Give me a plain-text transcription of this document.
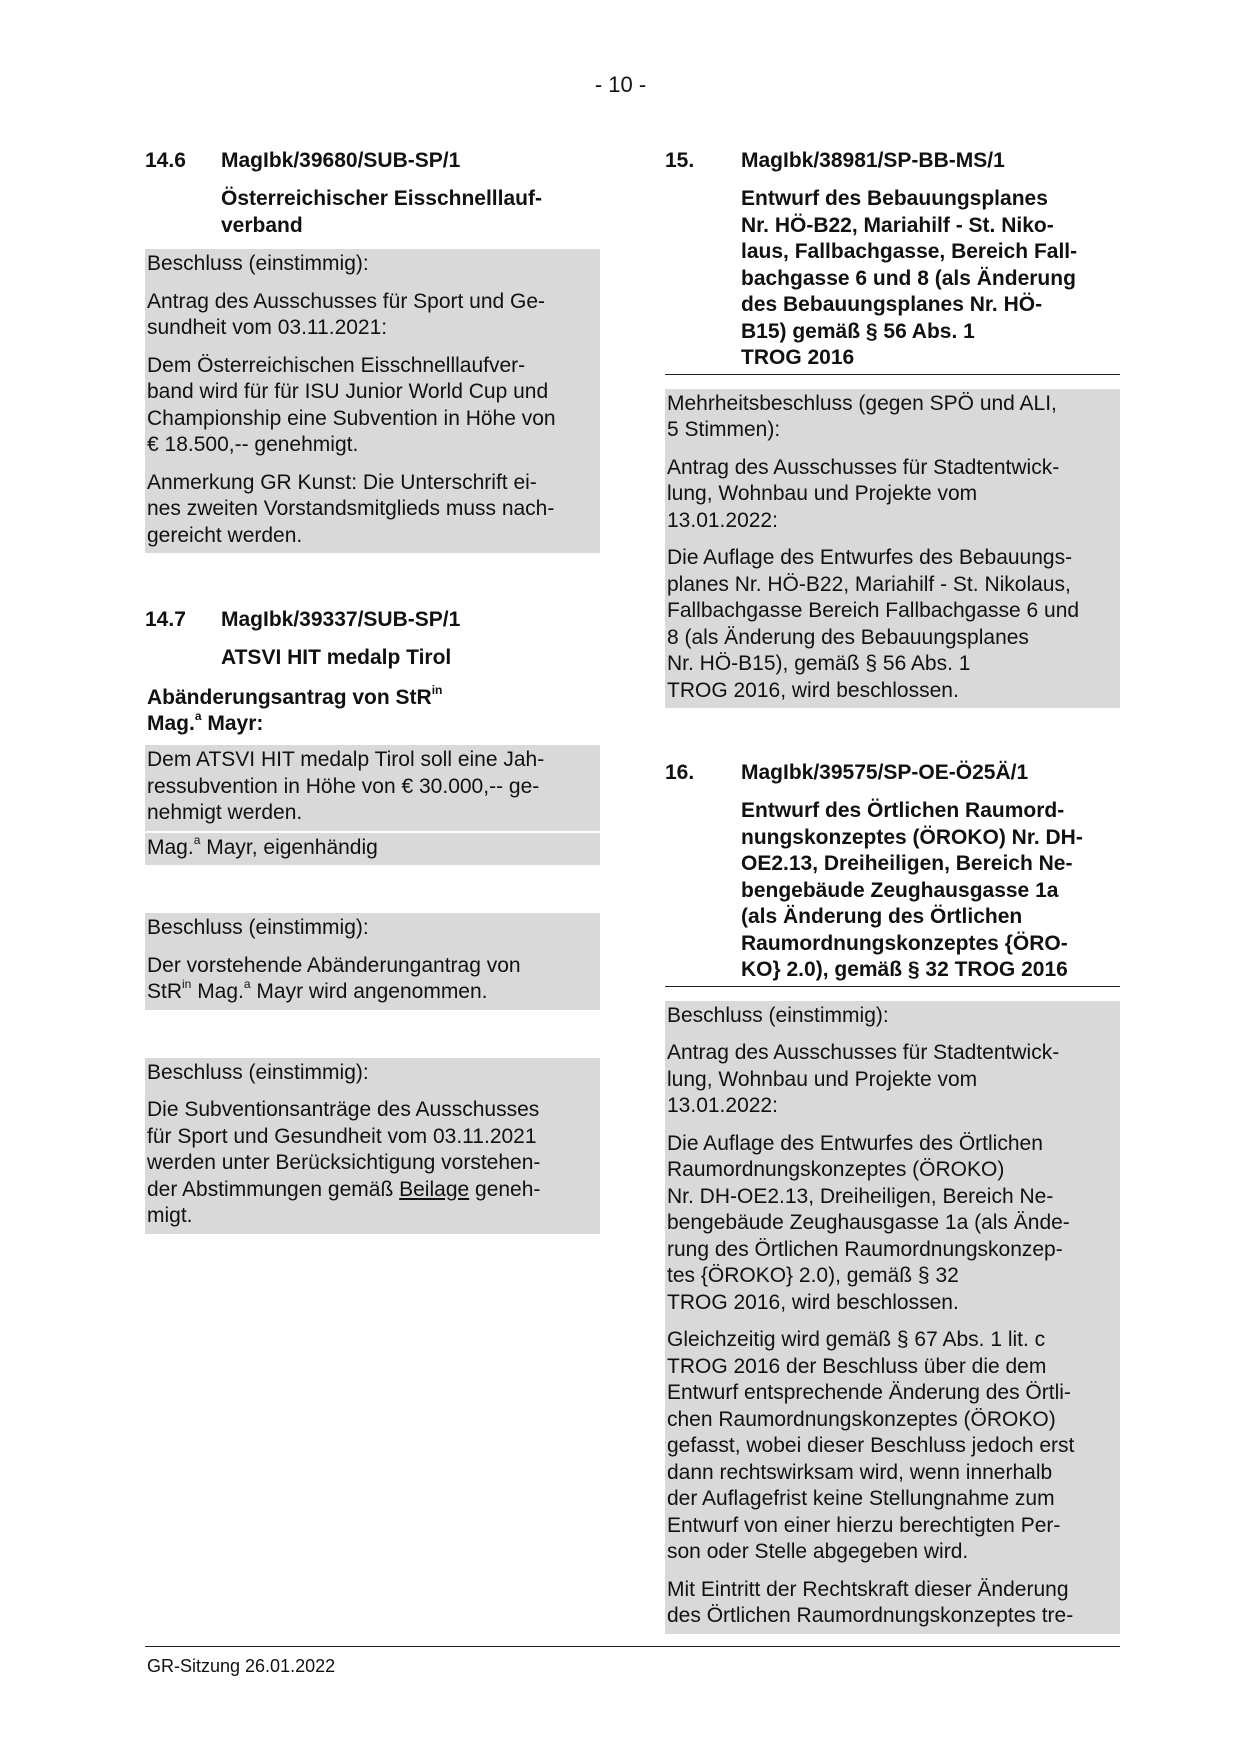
- 10 -
14.6	MagIbk/39680/SUB-SP/1
Österreichischer Eisschnelllauf-
verband

Beschluss (einstimmig):

Antrag des Ausschusses für Sport und Ge-
sundheit vom 03.11.2021:

Dem Österreichischen Eisschnelllaufver-
band wird für für ISU Junior World Cup und
Championship eine Subvention in Höhe von
€ 18.500,-- genehmigt.

Anmerkung GR Kunst: Die Unterschrift ei-
nes zweiten Vorstandsmitglieds muss nach-
gereicht werden.

14.7	MagIbk/39337/SUB-SP/1
ATSVI HIT medalp Tirol
Abänderungsantrag von StR$^{in}$
Mag.$^a$ Mayr:

Dem ATSVI HIT medalp Tirol soll eine Jah-
ressubvention in Höhe von € 30.000,-- ge-
nehmigt werden.

Mag.$^a$ Mayr, eigenhändig

Beschluss (einstimmig):

Der vorstehende Abänderungantrag von
StR$^{in}$ Mag.$^a$ Mayr wird angenommen.

Beschluss (einstimmig):

Die Subventionsanträge des Ausschusses
für Sport und Gesundheit vom 03.11.2021
werden unter Berücksichtigung vorstehen-
der Abstimmungen gemäß Beilage geneh-
migt.

15.	MagIbk/38981/SP-BB-MS/1
Entwurf des Bebauungsplanes
Nr. HÖ-B22, Mariahilf - St. Niko-
laus, Fallbachgasse, Bereich Fall-
bachgasse 6 und 8 (als Änderung
des Bebauungsplanes Nr. HÖ-
B15) gemäß § 56 Abs. 1
TROG 2016

Mehrheitsbeschluss (gegen SPÖ und ALI,
5 Stimmen):

Antrag des Ausschusses für Stadtentwick-
lung, Wohnbau und Projekte vom
13.01.2022:

Die Auflage des Entwurfes des Bebauungs-
planes Nr. HÖ-B22, Mariahilf - St. Nikolaus,
Fallbachgasse Bereich Fallbachgasse 6 und
8 (als Änderung des Bebauungsplanes
Nr. HÖ-B15), gemäß § 56 Abs. 1
TROG 2016, wird beschlossen.

16.	MagIbk/39575/SP-OE-Ö25Ä/1
Entwurf des Örtlichen Raumord-
nungskonzeptes (ÖROKO) Nr. DH-
OE2.13, Dreiheiligen, Bereich Ne-
bengebäude Zeughausgasse 1a
(als Änderung des Örtlichen
Raumordnungskonzeptes {ÖRO-
KO} 2.0), gemäß § 32 TROG 2016

Beschluss (einstimmig):

Antrag des Ausschusses für Stadtentwick-
lung, Wohnbau und Projekte vom
13.01.2022:

Die Auflage des Entwurfes des Örtlichen
Raumordnungskonzeptes (ÖROKO)
Nr. DH-OE2.13, Dreiheiligen, Bereich Ne-
bengebäude Zeughausgasse 1a (als Ände-
rung des Örtlichen Raumordnungskonzep-
tes {ÖROKO} 2.0), gemäß § 32
TROG 2016, wird beschlossen.

Gleichzeitig wird gemäß § 67 Abs. 1 lit. c
TROG 2016 der Beschluss über die dem
Entwurf entsprechende Änderung des Örtli-
chen Raumordnungskonzeptes (ÖROKO)
gefasst, wobei dieser Beschluss jedoch erst
dann rechtswirksam wird, wenn innerhalb
der Auflagefrist keine Stellungnahme zum
Entwurf von einer hierzu berechtigten Per-
son oder Stelle abgegeben wird.

Mit Eintritt der Rechtskraft dieser Änderung
des Örtlichen Raumordnungskonzeptes tre-

GR-Sitzung 26.01.2022
